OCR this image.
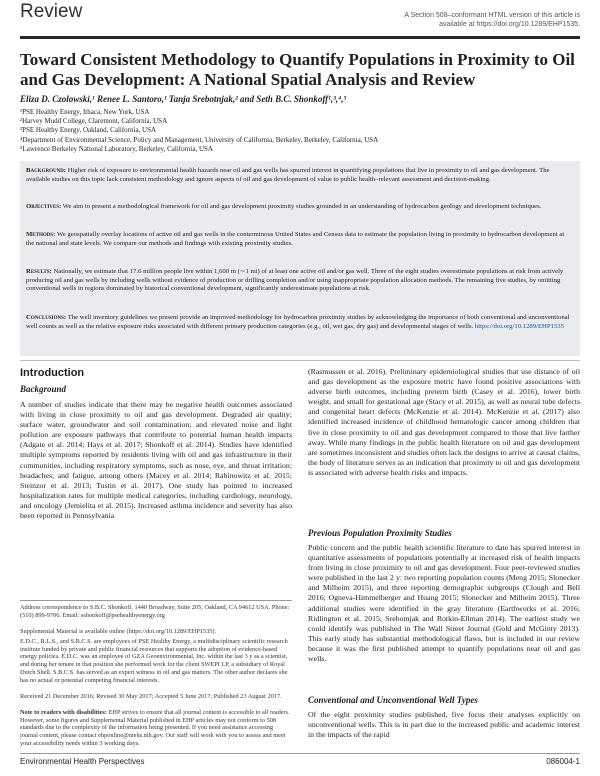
Review	A Section 508–conformant HTML version of this article is available at https://doi.org/10.1289/EHP1535.
Toward Consistent Methodology to Quantify Populations in Proximity to Oil and Gas Development: A National Spatial Analysis and Review
Eliza D. Czolowski,¹ Renee L. Santoro,¹ Tanja Srebotnjak,² and Seth B.C. Shonkoff¹,³,⁴,⁵
¹PSE Healthy Energy, Ithaca, New York, USA
²Harvey Mudd College, Claremont, California, USA
³PSE Healthy Energy, Oakland, California, USA
⁴Department of Environmental Science, Policy and Management, University of California, Berkeley, Berkeley, California, USA
⁵Lawrence Berkeley National Laboratory, Berkeley, California, USA

Background: Higher risk of exposure to environmental health hazards near oil and gas wells has spurred interest in quantifying populations that live in proximity to oil and gas development. The available studies on this topic lack consistent methodology and ignore aspects of oil and gas development of value to public health–relevant assessment and decision-making.

Objectives: We aim to present a methodological framework for oil and gas development proximity studies grounded in an understanding of hydrocarbon geology and development techniques.

Methods: We geospatially overlay locations of active oil and gas wells in the conterminous United States and Census data to estimate the population living in proximity to hydrocarbon development at the national and state levels. We compare our methods and findings with existing proximity studies.

Results: Nationally, we estimate that 17.6 million people live within 1,600 m (∼1 mi) of at least one active oil and/or gas well. Three of the eight studies overestimate populations at risk from actively producing oil and gas wells by including wells without evidence of production or drilling completion and/or using inappropriate population allocation methods. The remaining five studies, by omitting conventional wells in regions dominated by historical conventional development, significantly underestimate populations at risk.

Conclusions: The well inventory guidelines we present provide an improved methodology for hydrocarbon proximity studies by acknowledging the importance of both conventional and unconventional well counts as well as the relative exposure risks associated with different primary production categories (e.g., oil, wet gas, dry gas) and developmental stages of wells. https://doi.org/10.1289/EHP1535

Introduction
Background

A number of studies indicate that there may be negative health outcomes associated with living in close proximity to oil and gas development. Degraded air quality; surface water, groundwater and soil contamination; and elevated noise and light pollution are exposure pathways that contribute to potential human health impacts (Adgate et al. 2014; Hays et al. 2017; Shonkoff et al. 2014). Studies have identified multiple symptoms reported by residents living with oil and gas infrastructure in their communities, including respiratory symptoms, such as nose, eye, and throat irritation; headaches; and fatigue, among others (Macey et al. 2014; Rabinowitz et al. 2015; Steinzor et al. 2013; Tustin et al. 2017). One study has pointed to increased hospitalization rates for multiple medical categories, including cardiology, neurology, and oncology (Jemielita et al. 2015). Increased asthma incidence and severity has also been reported in Pennsylvania

Address correspondence to S.B.C. Shonkoff, 1440 Broadway, Suite 205, Oakland, CA 94612 USA. Phone: (510) 899-9706. Email: sshonkoff@psehealthyenergy.org

Supplemental Material is available online (https://doi.org/10.1289/EHP1535).

E.D.C., R.L.S., and S.B.C.S. are employees of PSE Healthy Energy, a multidisciplinary scientific research institute funded by private and public financial resources that supports the adoption of evidence-based energy policies. E.D.C. was an employee of GZA Geoenvironmental, Inc. within the last 3 y as a scientist, and during her tenure in that position she performed work for the client SWEPI LP, a subsidiary of Royal Dutch Shell. S.B.C.S. has served as an expert witness in oil and gas matters. The other author declares she has no actual or potential competing financial interests.

Received 21 December 2016; Revised 30 May 2017; Accepted 5 June 2017; Published 23 August 2017.

Note to readers with disabilities: EHP strives to ensure that all journal content is accessible to all readers. However, some figures and Supplemental Material published in EHP articles may not conform to 508 standards due to the complexity of the information being presented. If you need assistance accessing journal content, please contact ehponline@niehs.nih.gov. Our staff will work with you to assess and meet your accessibility needs within 3 working days.

(Rasmussen et al. 2016). Preliminary epidemiological studies that use distance of oil and gas development as the exposure metric have found positive associations with adverse birth outcomes, including preterm birth (Casey et al. 2016), lower birth weight, and small for gestational age (Stacy et al. 2015), as well as neural tube defects and congenital heart defects (McKenzie et al. 2014). McKenzie et al. (2017) also identified increased incidence of childhood hematologic cancer among children that live in close proximity to oil and gas development compared to those that live farther away. While many findings in the public health literature on oil and gas development are sometimes inconsistent and studies often lack the designs to arrive at causal claims, the body of literature serves as an indication that proximity to oil and gas development is associated with adverse health risks and impacts.

Previous Population Proximity Studies

Public concern and the public health scientific literature to date has spurred interest in quantitative assessments of populations potentially at increased risk of health impacts from living in close proximity to oil and gas development. Four peer-reviewed studies were published in the last 2 y: two reporting population counts (Meng 2015; Slonecker and Milheim 2015), and three reporting demographic subgroups (Clough and Bell 2016; Ogneva-Himmelberger and Huang 2015; Slonecker and Milheim 2015). Three additional studies were identified in the gray literature (Earthworks et al. 2016; Ridlington et al. 2015; Srebotnjak and Rotkin-Ellman 2014). The earliest study we could identify was published in The Wall Street Journal (Gold and McGinty 2013). This early study has substantial methodological flaws, but is included in our review because it was the first published attempt to quantify populations near oil and gas wells.

Conventional and Unconventional Well Types

Of the eight proximity studies published, five focus their analyses explicitly on unconventional wells. This is in part due to the increased public and academic interest in the impacts of the rapid

Environmental Health Perspectives	086004-1
